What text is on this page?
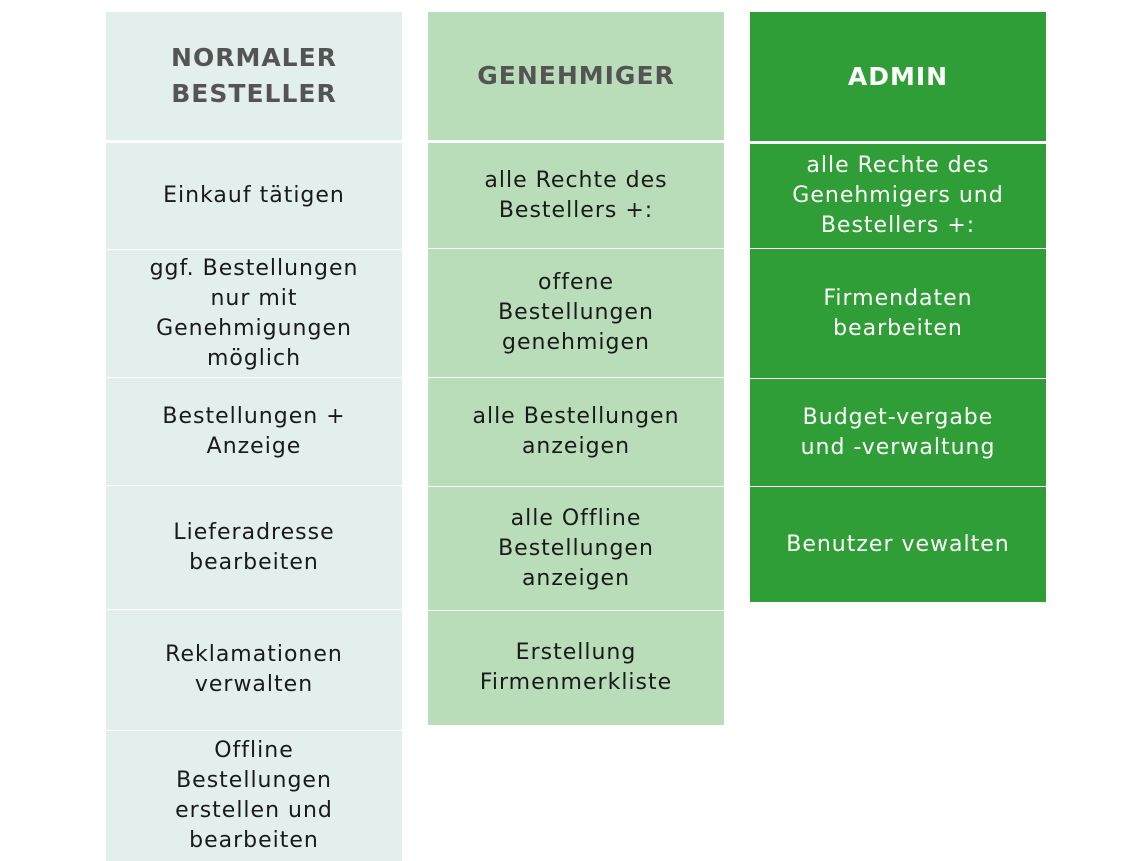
NORMALER
BESTELLER
Einkauf tätigen
ggf. Bestellungen
nur mit
Genehmigungen
möglich
Bestellungen +
Anzeige
Lieferadresse
bearbeiten
Reklamationen
verwalten
Offline
Bestellungen
erstellen und
bearbeiten
GENEHMIGER
alle Rechte des
Bestellers +:
offene
Bestellungen
genehmigen
alle Bestellungen
anzeigen
alle Offline
Bestellungen
anzeigen
Erstellung
Firmenmerkliste
ADMIN
alle Rechte des
Genehmigers und
Bestellers +:
Firmendaten
bearbeiten
Budget-vergabe
und -verwaltung
Benutzer vewalten
